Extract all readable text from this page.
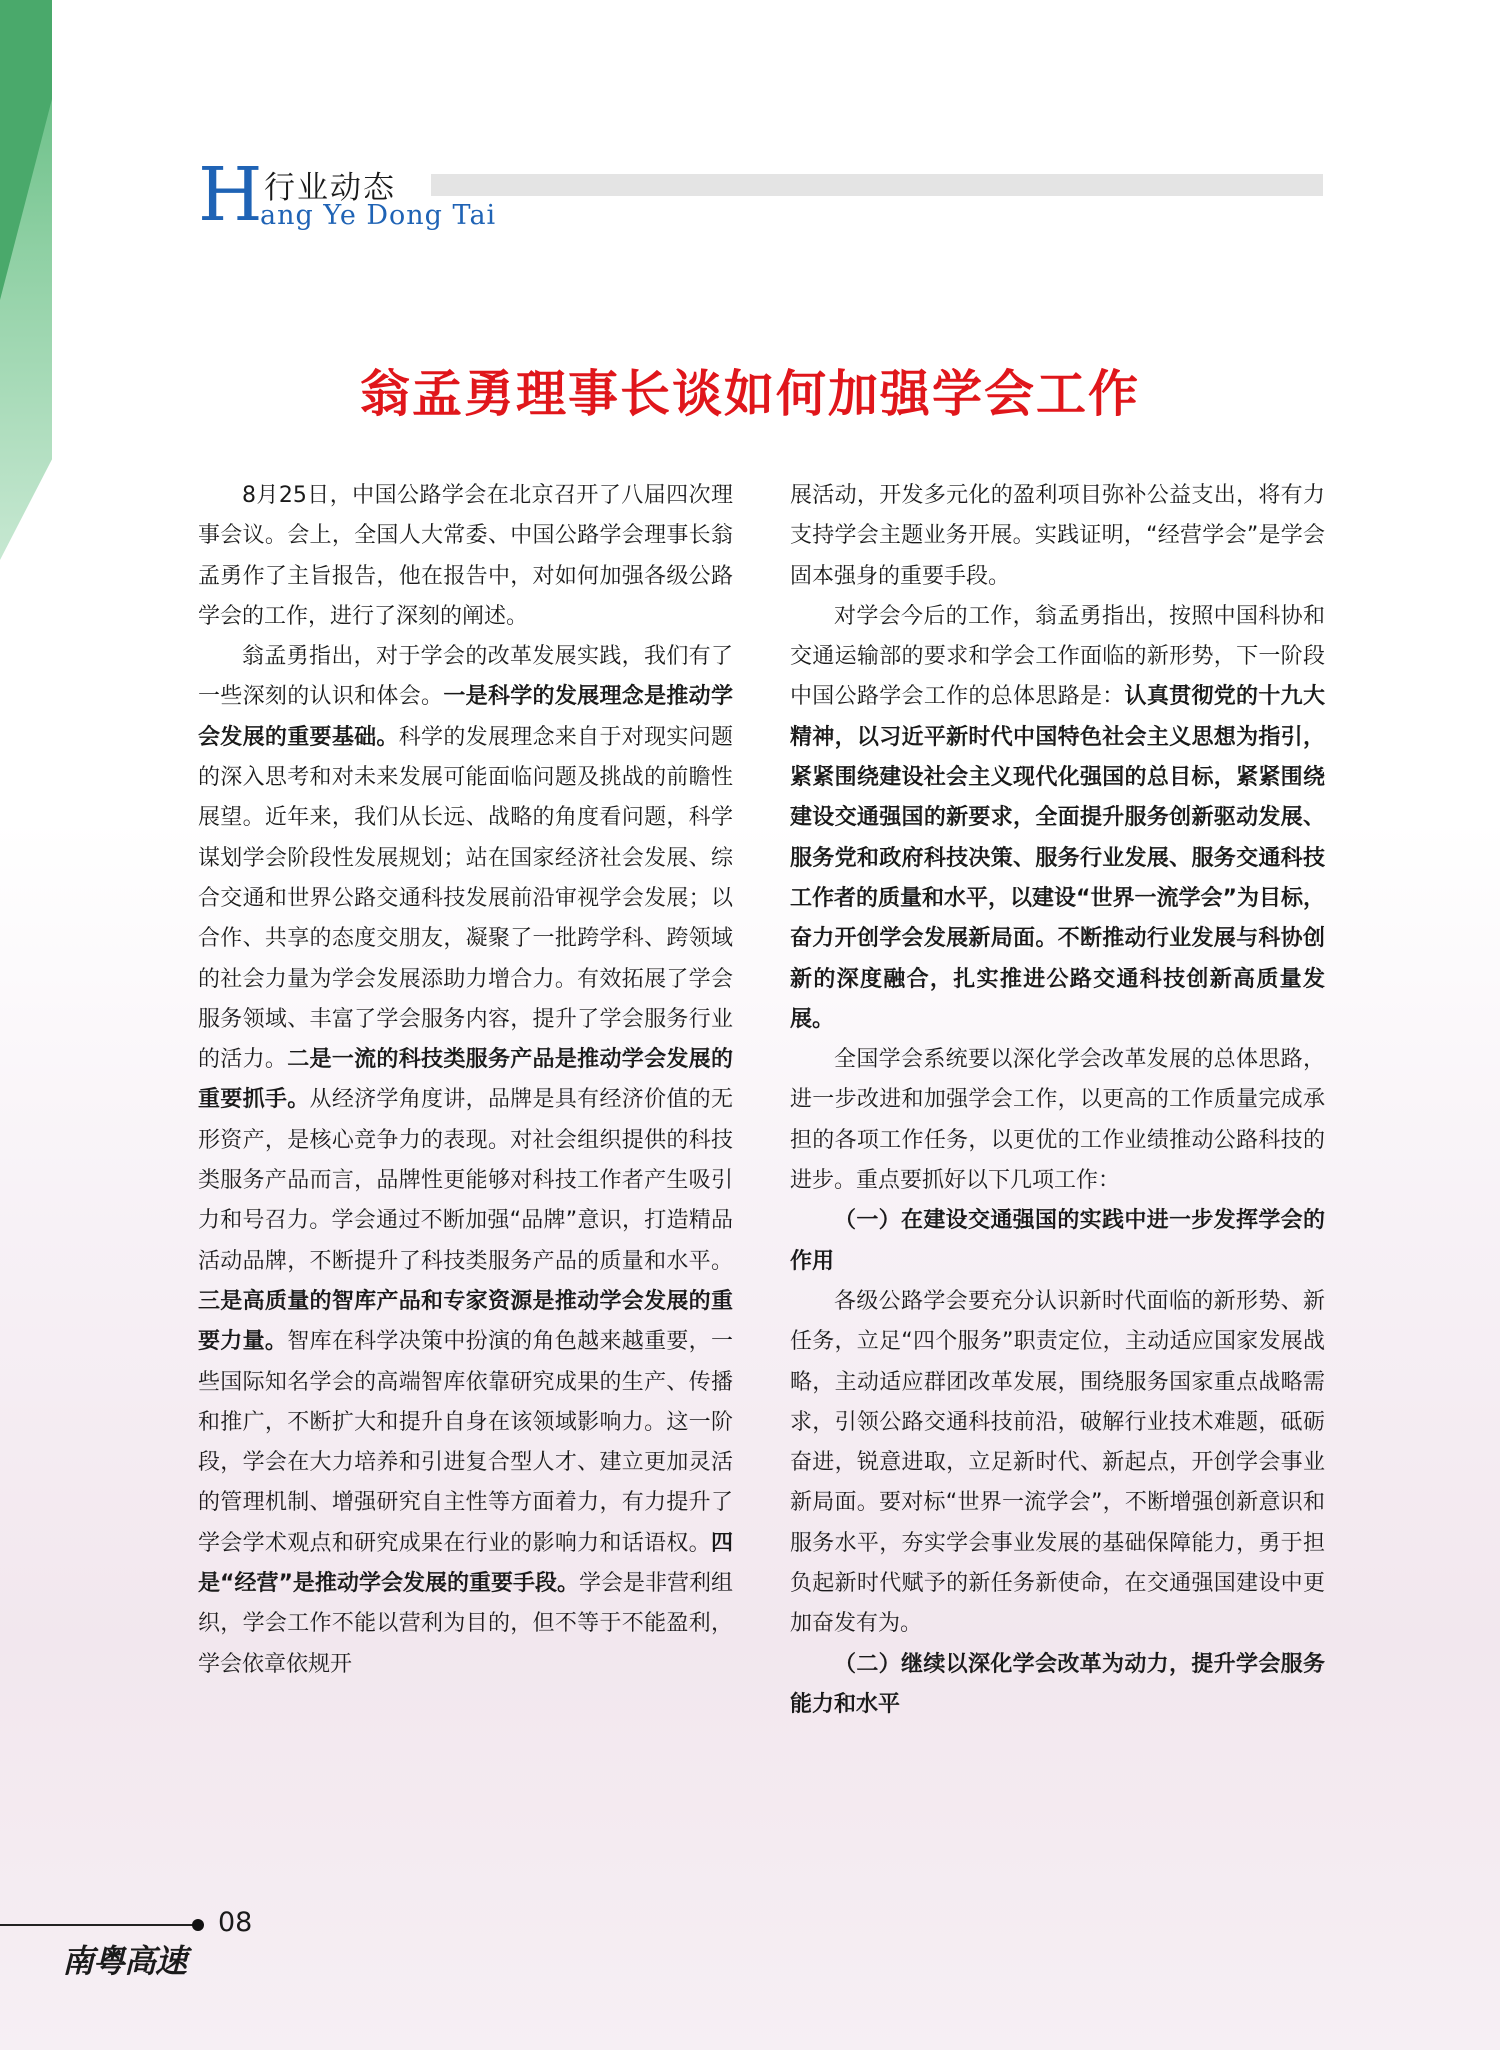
H 行业动态
ang Ye Dong Tai
翁孟勇理事长谈如何加强学会工作

8月25日，中国公路学会在北京召开了八届四次理事会议。会上，全国人大常委、中国公路学会理事长翁孟勇作了主旨报告，他在报告中，对如何加强各级公路学会的工作，进行了深刻的阐述。

翁孟勇指出，对于学会的改革发展实践，我们有了一些深刻的认识和体会。一是科学的发展理念是推动学会发展的重要基础。科学的发展理念来自于对现实问题的深入思考和对未来发展可能面临问题及挑战的前瞻性展望。近年来，我们从长远、战略的角度看问题，科学谋划学会阶段性发展规划；站在国家经济社会发展、综合交通和世界公路交通科技发展前沿审视学会发展；以合作、共享的态度交朋友，凝聚了一批跨学科、跨领域的社会力量为学会发展添助力增合力。有效拓展了学会服务领域、丰富了学会服务内容，提升了学会服务行业的活力。二是一流的科技类服务产品是推动学会发展的重要抓手。从经济学角度讲，品牌是具有经济价值的无形资产，是核心竞争力的表现。对社会组织提供的科技类服务产品而言，品牌性更能够对科技工作者产生吸引力和号召力。学会通过不断加强“品牌”意识，打造精品活动品牌，不断提升了科技类服务产品的质量和水平。三是高质量的智库产品和专家资源是推动学会发展的重要力量。智库在科学决策中扮演的角色越来越重要，一些国际知名学会的高端智库依靠研究成果的生产、传播和推广，不断扩大和提升自身在该领域影响力。这一阶段，学会在大力培养和引进复合型人才、建立更加灵活的管理机制、增强研究自主性等方面着力，有力提升了学会学术观点和研究成果在行业的影响力和话语权。四是“经营”是推动学会发展的重要手段。学会是非营利组织，学会工作不能以营利为目的，但不等于不能盈利，学会依章依规开

展活动，开发多元化的盈利项目弥补公益支出，将有力支持学会主题业务开展。实践证明，“经营学会”是学会固本强身的重要手段。

对学会今后的工作，翁孟勇指出，按照中国科协和交通运输部的要求和学会工作面临的新形势，下一阶段中国公路学会工作的总体思路是：认真贯彻党的十九大精神，以习近平新时代中国特色社会主义思想为指引，紧紧围绕建设社会主义现代化强国的总目标，紧紧围绕建设交通强国的新要求，全面提升服务创新驱动发展、服务党和政府科技决策、服务行业发展、服务交通科技工作者的质量和水平，以建设“世界一流学会”为目标，奋力开创学会发展新局面。不断推动行业发展与科协创新的深度融合，扎实推进公路交通科技创新高质量发展。

全国学会系统要以深化学会改革发展的总体思路，进一步改进和加强学会工作，以更高的工作质量完成承担的各项工作任务，以更优的工作业绩推动公路科技的进步。重点要抓好以下几项工作：

（一）在建设交通强国的实践中进一步发挥学会的作用

各级公路学会要充分认识新时代面临的新形势、新任务，立足“四个服务”职责定位，主动适应国家发展战略，主动适应群团改革发展，围绕服务国家重点战略需求，引领公路交通科技前沿，破解行业技术难题，砥砺奋进，锐意进取，立足新时代、新起点，开创学会事业新局面。要对标“世界一流学会”，不断增强创新意识和服务水平，夯实学会事业发展的基础保障能力，勇于担负起新时代赋予的新任务新使命，在交通强国建设中更加奋发有为。

（二）继续以深化学会改革为动力，提升学会服务能力和水平

08
南粤高速
